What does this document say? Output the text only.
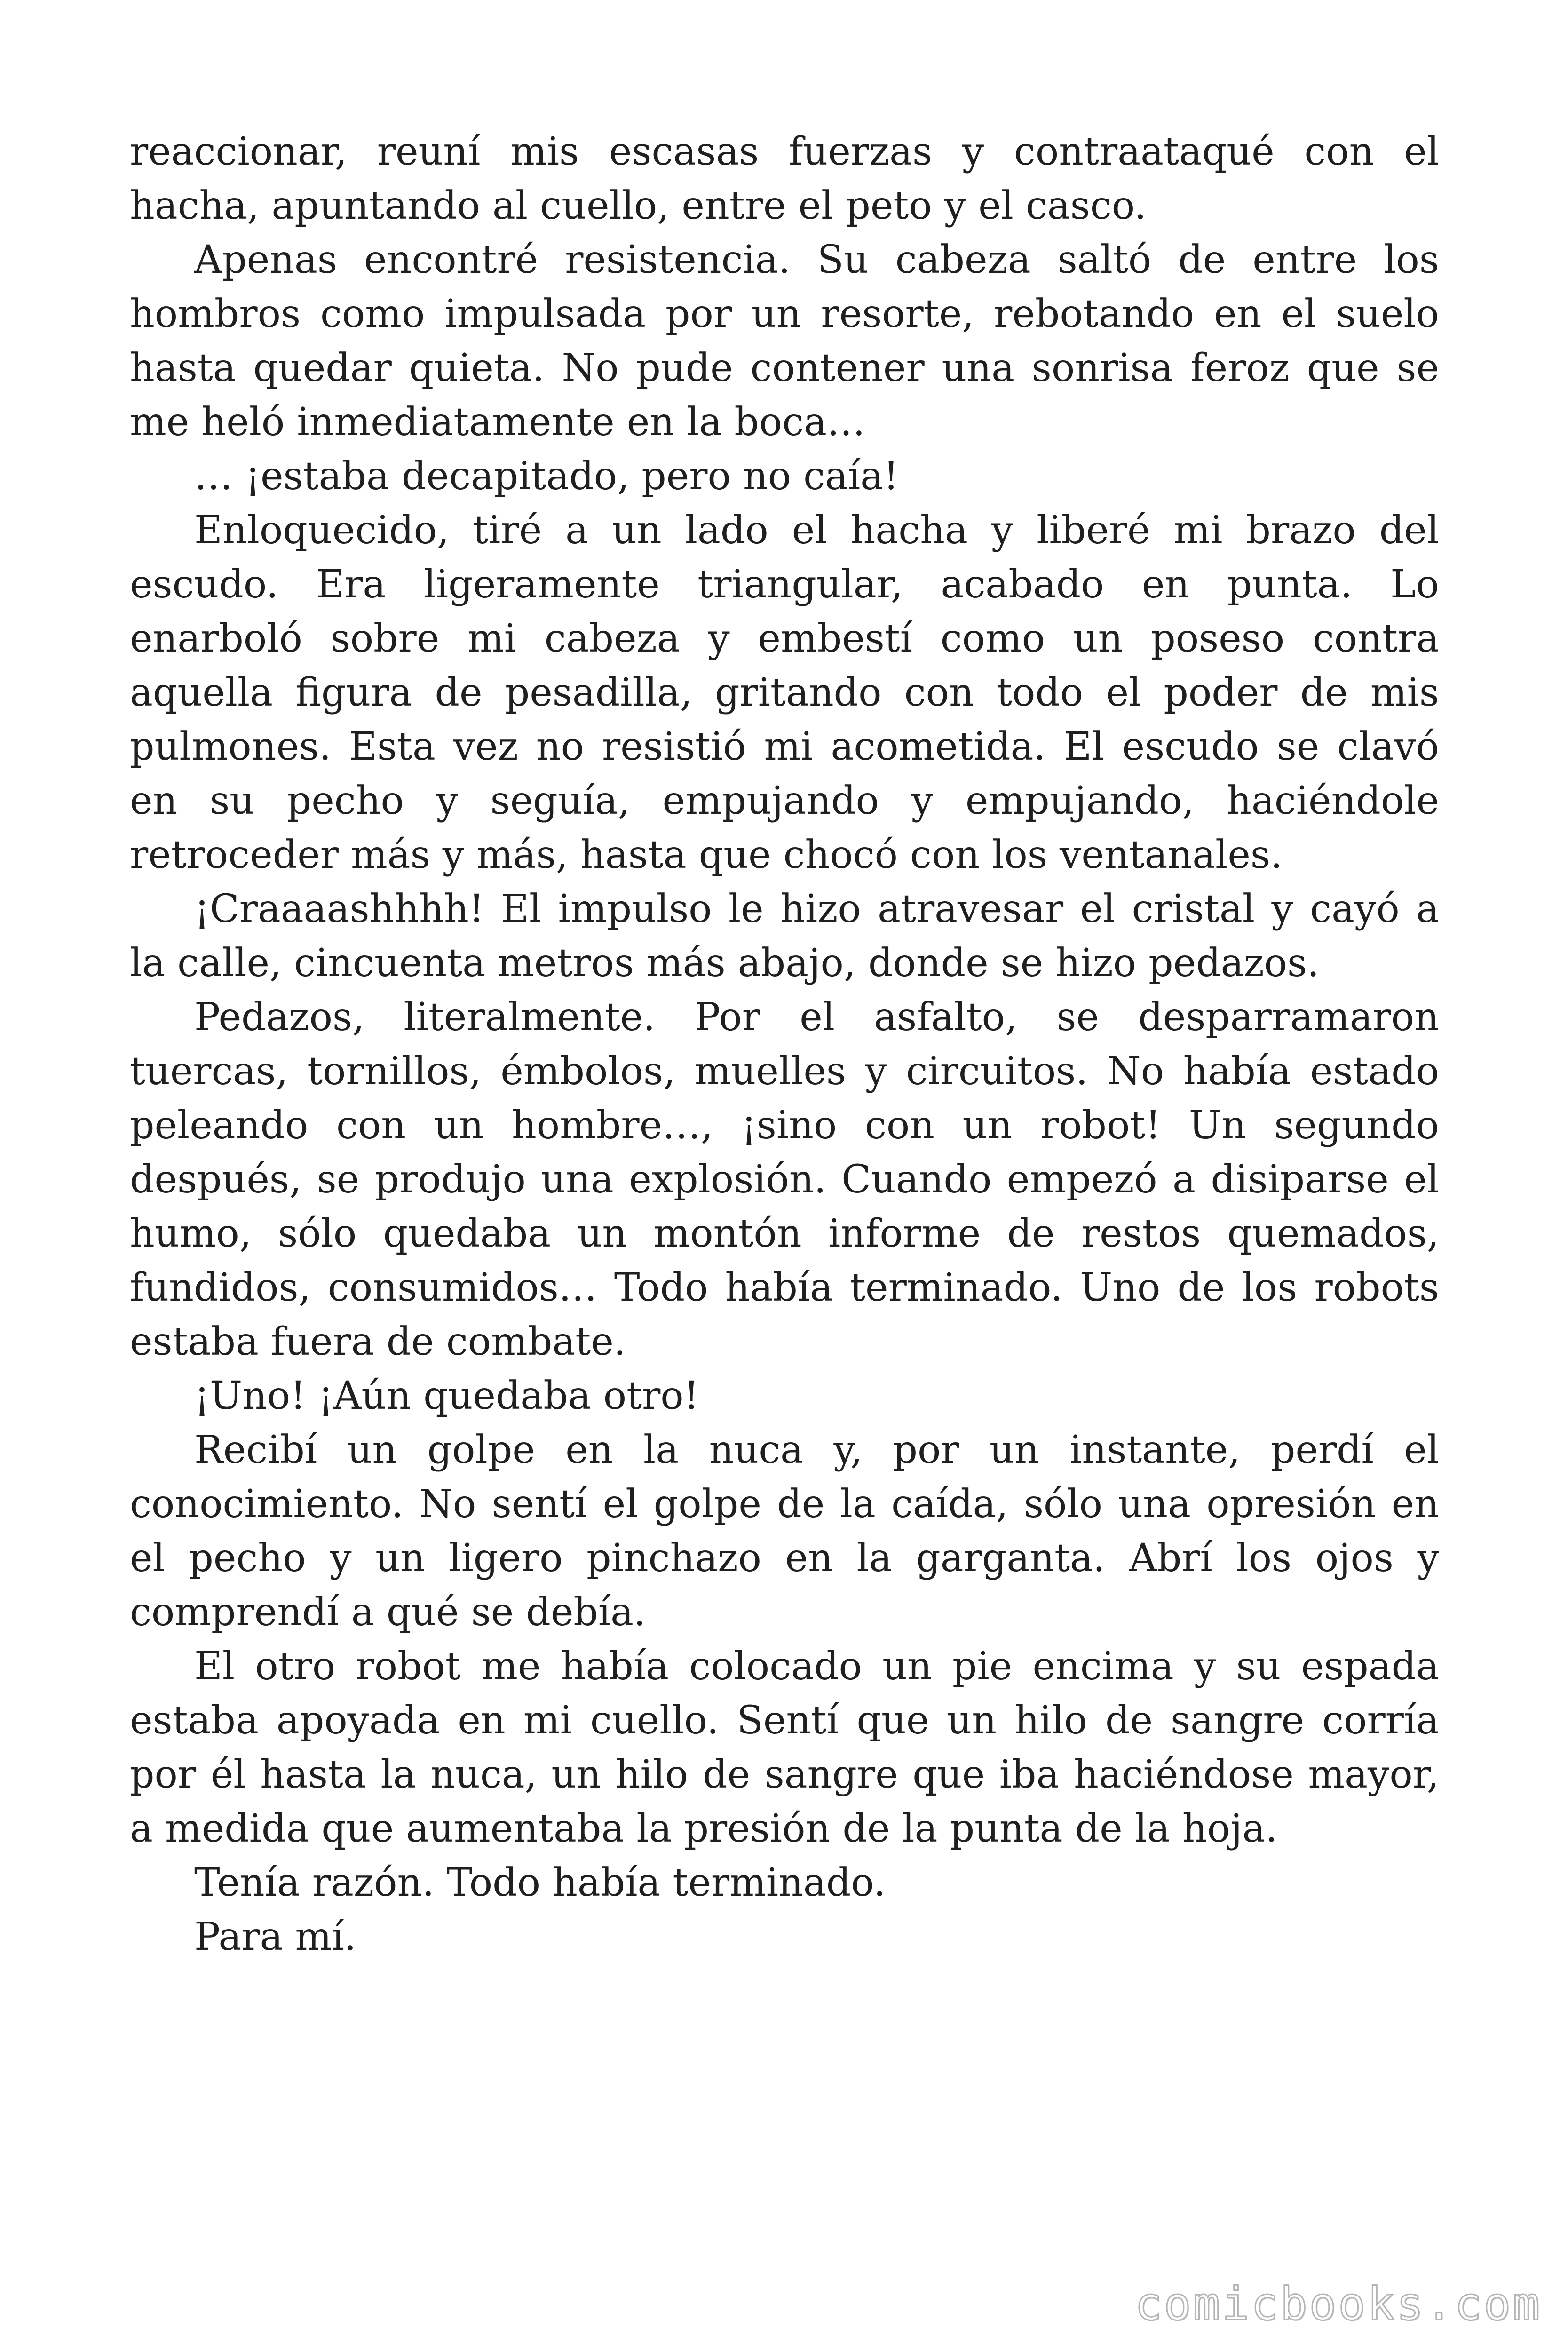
reaccionar, reuní mis escasas fuerzas y contraataqué con el hacha, apuntando al cuello, entre el peto y el casco.

Apenas encontré resistencia. Su cabeza saltó de entre los hombros como impulsada por un resorte, rebotando en el suelo hasta quedar quieta. No pude contener una sonrisa feroz que se me heló inmediatamente en la boca…

… ¡estaba decapitado, pero no caía!

Enloquecido, tiré a un lado el hacha y liberé mi brazo del escudo. Era ligeramente triangular, acabado en punta. Lo enarboló sobre mi cabeza y embestí como un poseso contra aquella figura de pesadilla, gritando con todo el poder de mis pulmones. Esta vez no resistió mi acometida. El escudo se clavó en su pecho y seguía, empujando y empujando, haciéndole retroceder más y más, hasta que chocó con los ventanales.

¡Craaaashhhh! El impulso le hizo atravesar el cristal y cayó a la calle, cincuenta metros más abajo, donde se hizo pedazos.

Pedazos, literalmente. Por el asfalto, se desparramaron tuercas, tornillos, émbolos, muelles y circuitos. No había estado peleando con un hombre…, ¡sino con un robot! Un segundo después, se produjo una explosión. Cuando empezó a disiparse el humo, sólo quedaba un montón informe de restos quemados, fundidos, consumidos… Todo había terminado. Uno de los robots estaba fuera de combate.

¡Uno! ¡Aún quedaba otro!

Recibí un golpe en la nuca y, por un instante, perdí el conocimiento. No sentí el golpe de la caída, sólo una opresión en el pecho y un ligero pinchazo en la garganta. Abrí los ojos y comprendí a qué se debía.

El otro robot me había colocado un pie encima y su espada estaba apoyada en mi cuello. Sentí que un hilo de sangre corría por él hasta la nuca, un hilo de sangre que iba haciéndose mayor, a medida que aumentaba la presión de la punta de la hoja.

Tenía razón. Todo había terminado.

Para mí.

comicbooks.com
